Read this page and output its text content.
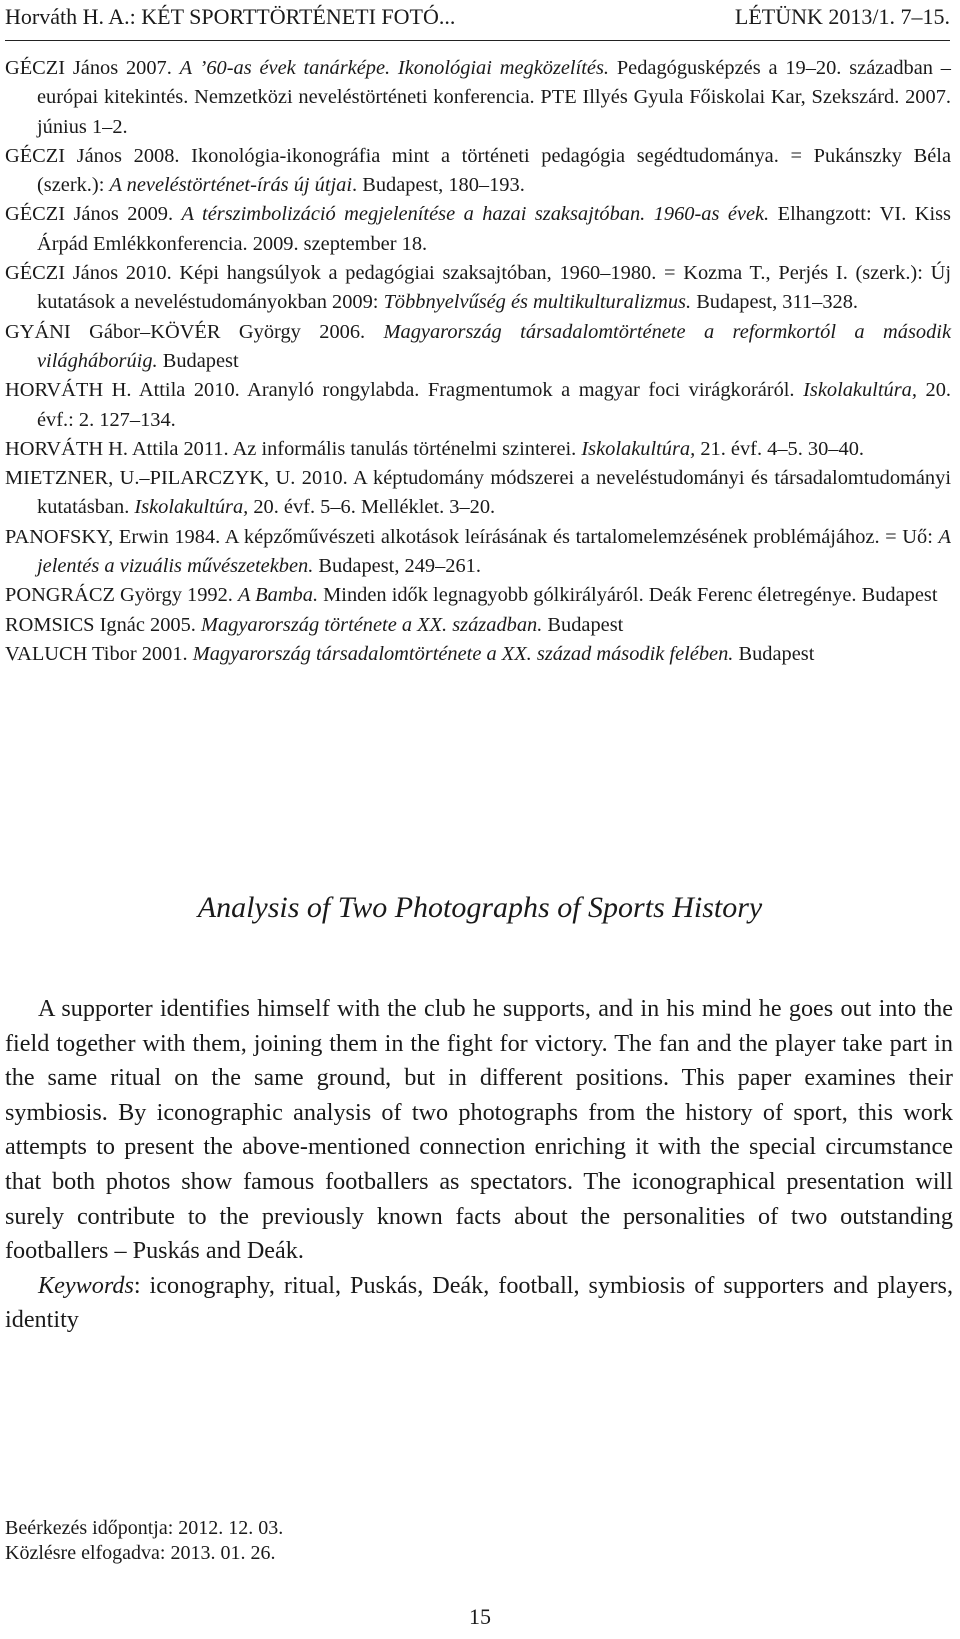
Horváth H. A.: KÉT SPORTTÖRTÉNETI FOTÓ...	LÉTÜNK 2013/1. 7–15.

GÉCZI János 2007. A ’60-as évek tanárképe. Ikonológiai megközelítés. Pedagógusképzés a 19–20. században – európai kitekintés. Nemzetközi neveléstörténeti konferencia. PTE Illyés Gyula Főiskolai Kar, Szekszárd. 2007. június 1–2.

GÉCZI János 2008. Ikonológia-ikonográfia mint a történeti pedagógia segédtudománya. = Pukánszky Béla (szerk.): A neveléstörténet-írás új útjai. Budapest, 180–193.

GÉCZI János 2009. A térszimbolizáció megjelenítése a hazai szaksajtóban. 1960-as évek. Elhangzott: VI. Kiss Árpád Emlékkonferencia. 2009. szeptember 18.

GÉCZI János 2010. Képi hangsúlyok a pedagógiai szaksajtóban, 1960–1980. = Kozma T., Perjés I. (szerk.): Új kutatások a neveléstudományokban 2009: Többnyelvűség és multikulturalizmus. Budapest, 311–328.

GYÁNI Gábor–KÖVÉR György 2006. Magyarország társadalomtörténete a reformkortól a második világháborúig. Budapest

HORVÁTH H. Attila 2010. Aranyló rongylabda. Fragmentumok a magyar foci virágkoráról. Iskolakultúra, 20. évf.: 2. 127–134.

HORVÁTH H. Attila 2011. Az informális tanulás történelmi szinterei. Iskolakultúra, 21. évf. 4–5. 30–40.

MIETZNER, U.–PILARCZYK, U. 2010. A képtudomány módszerei a neveléstudományi és társadalomtudományi kutatásban. Iskolakultúra, 20. évf. 5–6. Melléklet. 3–20.

PANOFSKY, Erwin 1984. A képzőművészeti alkotások leírásának és tartalomelemzésének problémájához. = Uő: A jelentés a vizuális művészetekben. Budapest, 249–261.

PONGRÁCZ György 1992. A Bamba. Minden idők legnagyobb gólkirályáról. Deák Ferenc életregénye. Budapest

ROMSICS Ignác 2005. Magyarország története a XX. században. Budapest

VALUCH Tibor 2001. Magyarország társadalomtörténete a XX. század második felében. Budapest

Analysis of Two Photographs of Sports History

A supporter identifies himself with the club he supports, and in his mind he goes out into the field together with them, joining them in the fight for victory. The fan and the player take part in the same ritual on the same ground, but in different positions. This paper examines their symbiosis. By iconographic analysis of two photographs from the history of sport, this work attempts to present the above-mentioned connection enriching it with the special circumstance that both photos show famous footballers as spectators. The iconographical presentation will surely contribute to the previously known facts about the personalities of two outstanding footballers – Puskás and Deák.

Keywords: iconography, ritual, Puskás, Deák, football, symbiosis of supporters and players, identity

Beérkezés időpontja: 2012. 12. 03.
Közlésre elfogadva: 2013. 01. 26.
15
